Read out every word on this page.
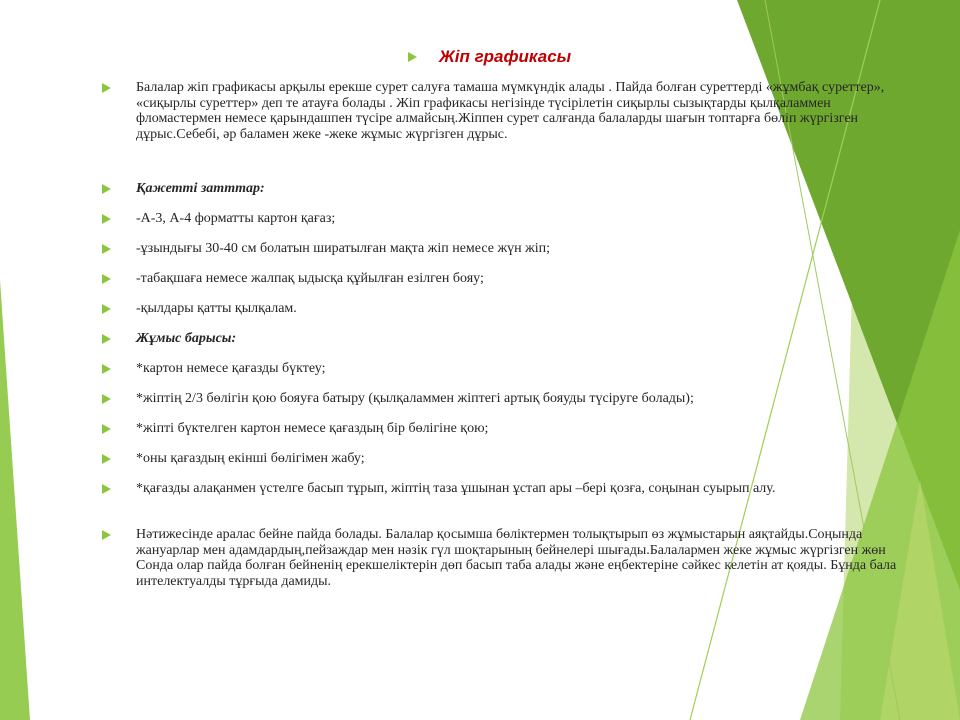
Жіп графикасы
Балалар жіп графикасы арқылы ерекше сурет салуға тамаша мүмкүндік алады . Пайда болған суреттерді «жұмбақ суреттер», «сиқырлы суреттер» деп те атауға болады . Жіп графикасы негізінде түсірілетін сиқырлы сызықтарды қылқаламмен фломастермен немесе қарындашпен түсіре алмайсың.Жіппен сурет салғанда балаларды шағын топтарға бөліп жүргізген дұрыс.Себебі, әр баламен жеке -жеке жұмыс жүргізген дұрыс.
Қажетті затттар:
-А-3, А-4 форматты картон қағаз;
-ұзындығы 30-40 см болатын ширатылған мақта жіп немесе жүн жіп;
-табақшаға немесе жалпақ ыдысқа құйылған езілген бояу;
-қылдары қатты қылқалам.
Жұмыс барысы:
*картон немесе қағазды бүктеу;
*жіптің 2/3 бөлігін қою бояуға батыру (қылқаламмен жіптегі артық бояуды түсіруге болады);
*жіпті бүктелген картон немесе қағаздың бір бөлігіне қою;
*оны қағаздың екінші бөлігімен жабу;
*қағазды алақанмен үстелге басып тұрып, жіптің таза ұшынан ұстап ары –бері қозға, соңынан суырып алу.
Нәтижесінде аралас бейне пайда болады. Балалар қосымша бөліктермен толықтырып өз жұмыстарын аяқтайды.Соңында жануарлар мен адамдардың,пейзаждар мен нәзік гүл шоқтарының бейнелері шығады.Балалармен жеке жұмыс жүргізген жөн Сонда олар пайда болған бейненің ерекшеліктерін дөп басып таба алады және еңбектеріне сәйкес келетін ат қояды. Бұнда бала интелектуалды тұрғыда дамиды.
